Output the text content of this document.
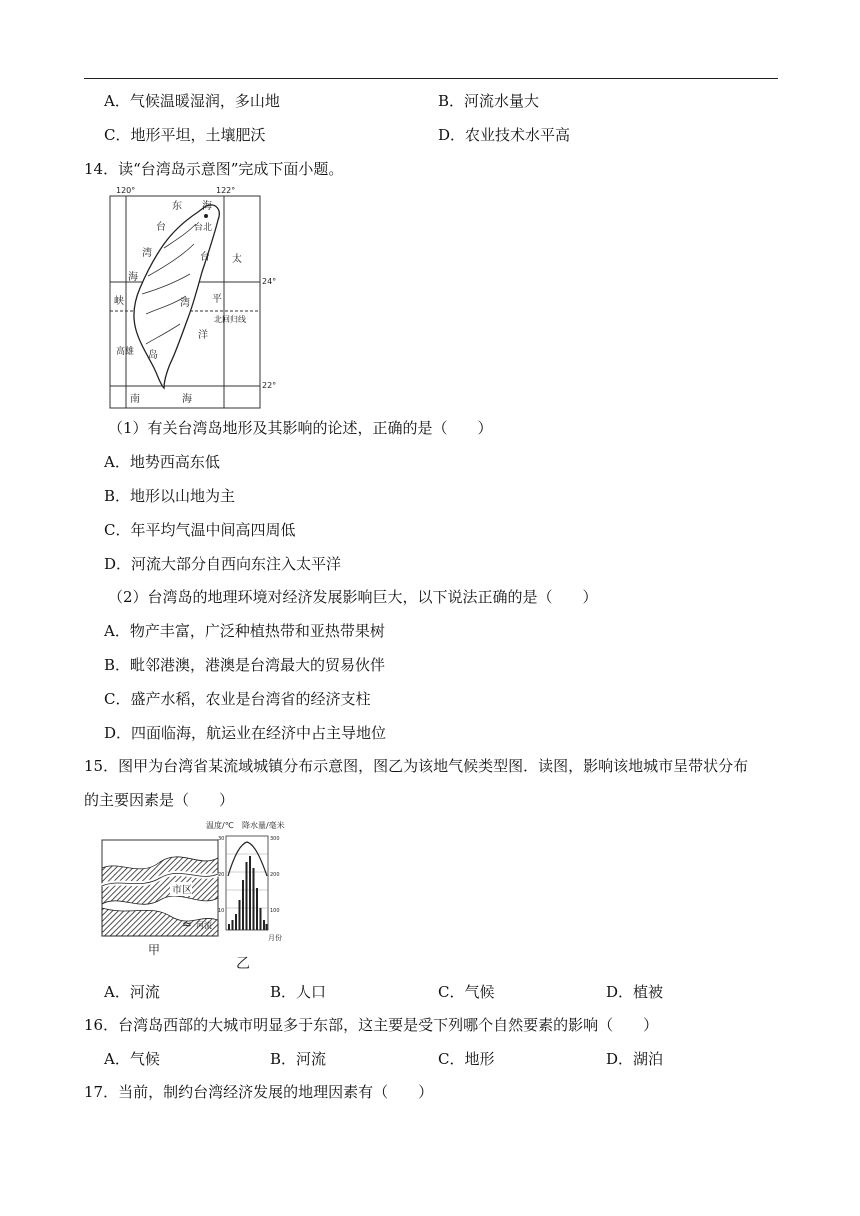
A．气候温暖湿润，多山地	B．河流水量大
C．地形平坦，土壤肥沃	D．农业技术水平高
14．读“台湾岛示意图”完成下面小题。
120°	122°
24°
22°
东 海
台
湾
海
峡
台北
台 太
湾 平
洋
北回归线
高雄 岛
南	海
（1）有关台湾岛地形及其影响的论述，正确的是（　　）
A．地势西高东低
B．地形以山地为主
C．年平均气温中间高四周低
D．河流大部分自西向东注入太平洋
（2）台湾岛的地理环境对经济发展影响巨大，以下说法正确的是（　　）
A．物产丰富，广泛种植热带和亚热带果树
B．毗邻港澳，港澳是台湾最大的贸易伙伴
C．盛产水稻，农业是台湾省的经济支柱
D．四面临海，航运业在经济中占主导地位
15．图甲为台湾省某流域城镇分布示意图，图乙为该地气候类型图．读图，影响该地城市呈带状分布
的主要因素是（　　）
市区
≈ 河流
甲
温度/℃ 降水量/毫米
30
20
10
300
200
100
月份
乙
A．河流	B．人口	C．气候	D．植被
16．台湾岛西部的大城市明显多于东部，这主要是受下列哪个自然要素的影响（　　）
A．气候	B．河流	C．地形	D．湖泊
17．当前，制约台湾经济发展的地理因素有（　　）
